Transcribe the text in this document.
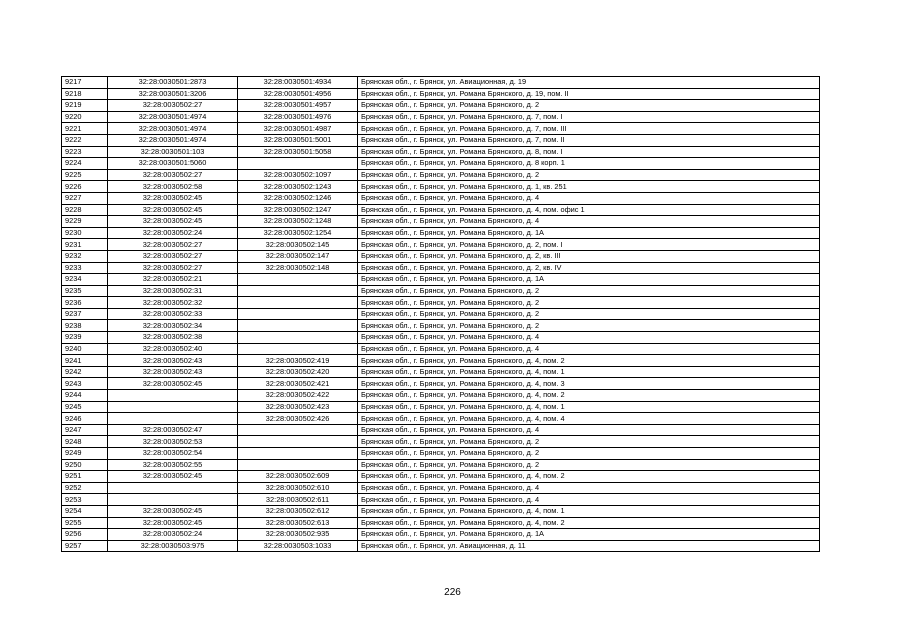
9217	32:28:0030501:2873	32:28:0030501:4934	Брянская обл., г. Брянск, ул. Авиационная, д. 19
9218	32:28:0030501:3206	32:28:0030501:4956	Брянская обл., г. Брянск, ул. Романа Брянского, д. 19, пом. II
9219	32:28:0030502:27	32:28:0030501:4957	Брянская обл., г. Брянск, ул. Романа Брянского, д. 2
9220	32:28:0030501:4974	32:28:0030501:4976	Брянская обл., г. Брянск, ул. Романа Брянского, д. 7, пом. I
9221	32:28:0030501:4974	32:28:0030501:4987	Брянская обл., г. Брянск, ул. Романа Брянского, д. 7, пом. III
9222	32:28:0030501:4974	32:28:0030501:5001	Брянская обл., г. Брянск, ул. Романа Брянского, д. 7, пом. II
9223	32:28:0030501:103	32:28:0030501:5058	Брянская обл., г. Брянск, ул. Романа Брянского, д. 8, пом. I
9224	32:28:0030501:5060		Брянская обл., г. Брянск, ул. Романа Брянского, д. 8 корп. 1
9225	32:28:0030502:27	32:28:0030502:1097	Брянская обл., г. Брянск, ул. Романа Брянского, д. 2
9226	32:28:0030502:58	32:28:0030502:1243	Брянская обл., г. Брянск, ул. Романа Брянского, д. 1, кв. 251
9227	32:28:0030502:45	32:28:0030502:1246	Брянская обл., г. Брянск, ул. Романа Брянского, д. 4
9228	32:28:0030502:45	32:28:0030502:1247	Брянская обл., г. Брянск, ул. Романа Брянского, д. 4, пом. офис 1
9229	32:28:0030502:45	32:28:0030502:1248	Брянская обл., г. Брянск, ул. Романа Брянского, д. 4
9230	32:28:0030502:24	32:28:0030502:1254	Брянская обл., г. Брянск, ул. Романа Брянского, д. 1А
9231	32:28:0030502:27	32:28:0030502:145	Брянская обл., г. Брянск, ул. Романа Брянского, д. 2, пом. I
9232	32:28:0030502:27	32:28:0030502:147	Брянская обл., г. Брянск, ул. Романа Брянского, д. 2, кв. III
9233	32:28:0030502:27	32:28:0030502:148	Брянская обл., г. Брянск, ул. Романа Брянского, д. 2, кв. IV
9234	32:28:0030502:21		Брянская обл., г. Брянск, ул. Романа Брянского, д. 1А
9235	32:28:0030502:31		Брянская обл., г. Брянск, ул. Романа Брянского, д. 2
9236	32:28:0030502:32		Брянская обл., г. Брянск, ул. Романа Брянского, д. 2
9237	32:28:0030502:33		Брянская обл., г. Брянск, ул. Романа Брянского, д. 2
9238	32:28:0030502:34		Брянская обл., г. Брянск, ул. Романа Брянского, д. 2
9239	32:28:0030502:38		Брянская обл., г. Брянск, ул. Романа Брянского, д. 4
9240	32:28:0030502:40		Брянская обл., г. Брянск, ул. Романа Брянского, д. 4
9241	32:28:0030502:43	32:28:0030502:419	Брянская обл., г. Брянск, ул. Романа Брянского, д. 4, пом. 2
9242	32:28:0030502:43	32:28:0030502:420	Брянская обл., г. Брянск, ул. Романа Брянского, д. 4, пом. 1
9243	32:28:0030502:45	32:28:0030502:421	Брянская обл., г. Брянск, ул. Романа Брянского, д. 4, пом. 3
9244		32:28:0030502:422	Брянская обл., г. Брянск, ул. Романа Брянского, д. 4, пом. 2
9245		32:28:0030502:423	Брянская обл., г. Брянск, ул. Романа Брянского, д. 4, пом. 1
9246		32:28:0030502:426	Брянская обл., г. Брянск, ул. Романа Брянского, д. 4, пом. 4
9247	32:28:0030502:47		Брянская обл., г. Брянск, ул. Романа Брянского, д. 4
9248	32:28:0030502:53		Брянская обл., г. Брянск, ул. Романа Брянского, д. 2
9249	32:28:0030502:54		Брянская обл., г. Брянск, ул. Романа Брянского, д. 2
9250	32:28:0030502:55		Брянская обл., г. Брянск, ул. Романа Брянского, д. 2
9251	32:28:0030502:45	32:28:0030502:609	Брянская обл., г. Брянск, ул. Романа Брянского, д. 4, пом. 2
9252		32:28:0030502:610	Брянская обл., г. Брянск, ул. Романа Брянского, д. 4
9253		32:28:0030502:611	Брянская обл., г. Брянск, ул. Романа Брянского, д. 4
9254	32:28:0030502:45	32:28:0030502:612	Брянская обл., г. Брянск, ул. Романа Брянского, д. 4, пом. 1
9255	32:28:0030502:45	32:28:0030502:613	Брянская обл., г. Брянск, ул. Романа Брянского, д. 4, пом. 2
9256	32:28:0030502:24	32:28:0030502:935	Брянская обл., г. Брянск, ул. Романа Брянского, д. 1А
9257	32:28:0030503:975	32:28:0030503:1033	Брянская обл., г. Брянск, ул. Авиационная, д. 11
226
